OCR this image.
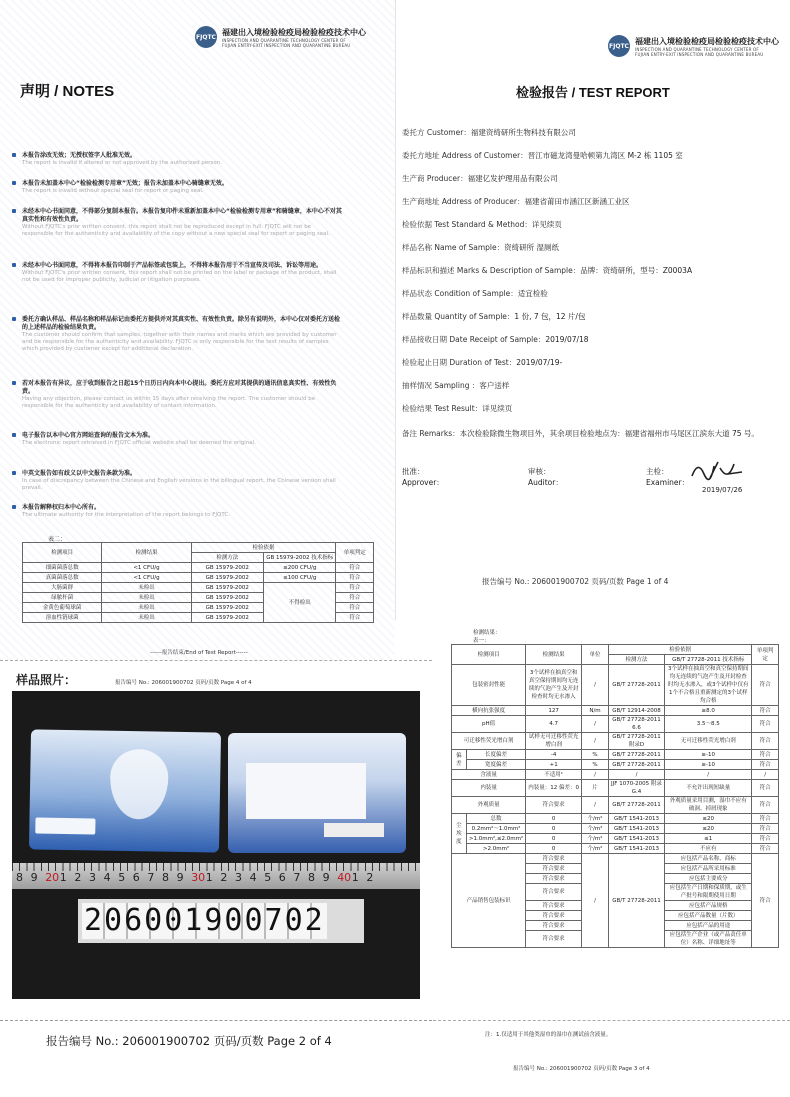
FJQTC
福建出入境检验检疫局检验检疫技术中心
INSPECTION AND QUARANTINE TECHNOLOGY CENTER OF
FUJIAN ENTRY-EXIT INSPECTION AND QUARANTINE BUREAU
声明 / NOTES
本报告涂改无效；无授权签字人批准无效。
The report is invalid if altered or not approved by the authorized person.
本报告未加盖本中心“检验检测专用章”无效；报告未加盖本中心骑缝章无效。
The report is invalid without special seal for report or paging seal.
未经本中心书面同意，不得部分复制本报告。本报告复印件未重新加盖本中心“检验检测专用章”和骑缝章，本中心不对其真实性和有效性负责。
Without FJQTC's prior written consent, this report shall not be reproduced except in full. FJQTC will not be responsible for the authenticity and availability of the copy without a new special seal for report or paging seal.
未经本中心书面同意，不得将本报告印制于产品标签或包装上，不得将本报告用于不当宣传及司法、诉讼等用途。
Without FJQTC's prior written consent, this report shall not be printed on the label or package of the product, shall not be used for improper publicity, judicial or litigation purposes.
委托方确认样品、样品名称和样品标记由委托方提供并对其真实性、有效性负责。除另有说明外，本中心仅对委托方送检的上述样品的检验结果负责。
The customer should confirm that samples, together with their names and marks which are provided by customer and be responsible for the authenticity and availability. FJQTC is only responsible for the test results of samples which provided by customer except for additional declaration.
若对本报告有异议，应于收到报告之日起15个日历日内向本中心提出。委托方应对其提供的通讯信息真实性、有效性负责。
Having any objection, please contact us within 15 days after receiving the report. The customer should be responsible for the authenticity and availability of contact information.
电子报告以本中心官方网站查询的报告文本为准。
The electronic report retrieved in FJQTC official website shall be deemed the original.
中英文报告如有歧义以中文报告条款为准。
In case of discrepancy between the Chinese and English versions in the bilingual report, the Chinese version shall prevail.
本报告解释权归本中心所有。
The ultimate authority for the interpretation of the report belongs to FJQTC.
表二：
检测项目	检测结果	检验依据		单项判定
		检测方法	GB 15979-2002 技术指标	
细菌菌落总数	<1 CFU/g	GB 15979-2002	≤200 CFU/g	符合
真菌菌落总数	<1 CFU/g	GB 15979-2002	≤100 CFU/g	符合
大肠菌群	未检出	GB 15979-2002	不得检出	符合
绿脓杆菌	未检出	GB 15979-2002		符合
金黄色葡萄球菌	未检出	GB 15979-2002		符合
溶血性链球菌	未检出	GB 15979-2002		符合
------报告结束/End of Test Report------
FJQTC
福建出入境检验检疫局检验检疫技术中心
INSPECTION AND QUARANTINE TECHNOLOGY CENTER OF
FUJIAN ENTRY-EXIT INSPECTION AND QUARANTINE BUREAU
检验报告 / TEST REPORT
委托方 Customer：福建资绮研所生物科技有限公司
委托方地址 Address of Customer：晋江市磁龙湾曼哈顿第九湾区 M-2 栋 1105 室
生产商 Producer：福建亿发护理用品有限公司
生产商地址 Address of Producer：福建省莆田市涵江区新涵工业区
检验依据 Test Standard & Method：详见续页
样品名称 Name of Sample：资绮研所 湿厕纸
样品标识和描述 Marks & Description of Sample：品牌：资绮研所，型号：Z0003A
样品状态 Condition of Sample：适宜检验
样品数量 Quantity of Sample：1 份, 7 包，12 片/包
样品接收日期 Date Receipt of Sample：2019/07/18
检验起止日期 Duration of Test：2019/07/19-
抽样情况 Sampling ：客户送样
检验结果 Test Result：详见续页
备注 Remarks：本次检验除微生物项目外，其余项目检验地点为：福建省福州市马尾区江滨东大道 75 号。
批准：
Approver：
审核：
Auditor：
主检：
Examiner：
2019/07/26
报告编号 No.: 206001900702 页码/页数 Page 1 of 4
样品照片：	报告编号 No.: 206001900702 页码/页数 Page 4 of 4
8 9 20 1 2 3 4 5 6 7 8 9 30 1 2 3 4 5 6 7 8 9 40 1 2
206001900702
报告编号 No.: 206001900702 页码/页数 Page 2 of 4
检测结果：
表一：
检测项目		检测结果	单位	检验依据		单项判定
				检测方法	GB/T 27728-2011 技术指标	
包装密封性能		3个试样在抽真空和真空保持期间均无连续的气泡产生及开封检查时均无水渗入	/	GB/T 27728-2011	3个试样在抽真空和真空保持期间均无连续的气泡产生及开封检查时均无水渗入，或3个试样中仅有1个不合格且重新测定的3个试样均合格	符合
横向抗张强度		127	N/m	GB/T 12914-2008	≥8.0	符合
pH值		4.7	/	GB/T 27728-2011 6.6	3.5～8.5	符合
可迁移性荧光增白剂		试样无可迁移性荧光增白剂	/	GB/T 27728-2011 附录D	无可迁移性荧光增白剂	符合
偏差	长度偏差	-4	%	GB/T 27728-2011	≥-10	符合
	宽度偏差	+1	%	GB/T 27728-2011	≥-10	符合
含液量		不适用¹	/	/	/	/
内装量		内装量：12 偏差：0	片	JJF 1070-2005 附录G.4	不允许出现短缺量	符合
外观质量		符合要求	/	GB/T 27728-2011	外观质量采用目测，湿巾不应有破洞、掉屑现象	符合
尘埃度	总数	0	个/m²	GB/T 1541-2013	≤20	符合
	0.2mm²～1.0mm²	0	个/m²	GB/T 1541-2013	≤20	符合
	>1.0mm²,≤2.0mm²	0	个/m²	GB/T 1541-2013	≤1	符合
	>2.0mm²	0	个/m²	GB/T 1541-2013	不应有	符合
产品销售包装标识		符合要求	/	GB/T 27728-2011	应包括产品名称、商标	符合
		符合要求			应包括产品所采用标准	
		符合要求			应包括主要成分	
		符合要求			应包括生产日期和保质期，或生产批号和限期使用日期	
		符合要求			应包括产品规格	
		符合要求			应包括产品数量（片数）	
		符合要求			应包括产品的用途	
		符合要求			应包括生产企业（或产品责任单位）名称、详细地址等	
注：1.仅适用于其他类湿巾的湿巾在测试前含液量。
报告编号 No.: 206001900702 页码/页数 Page 3 of 4
